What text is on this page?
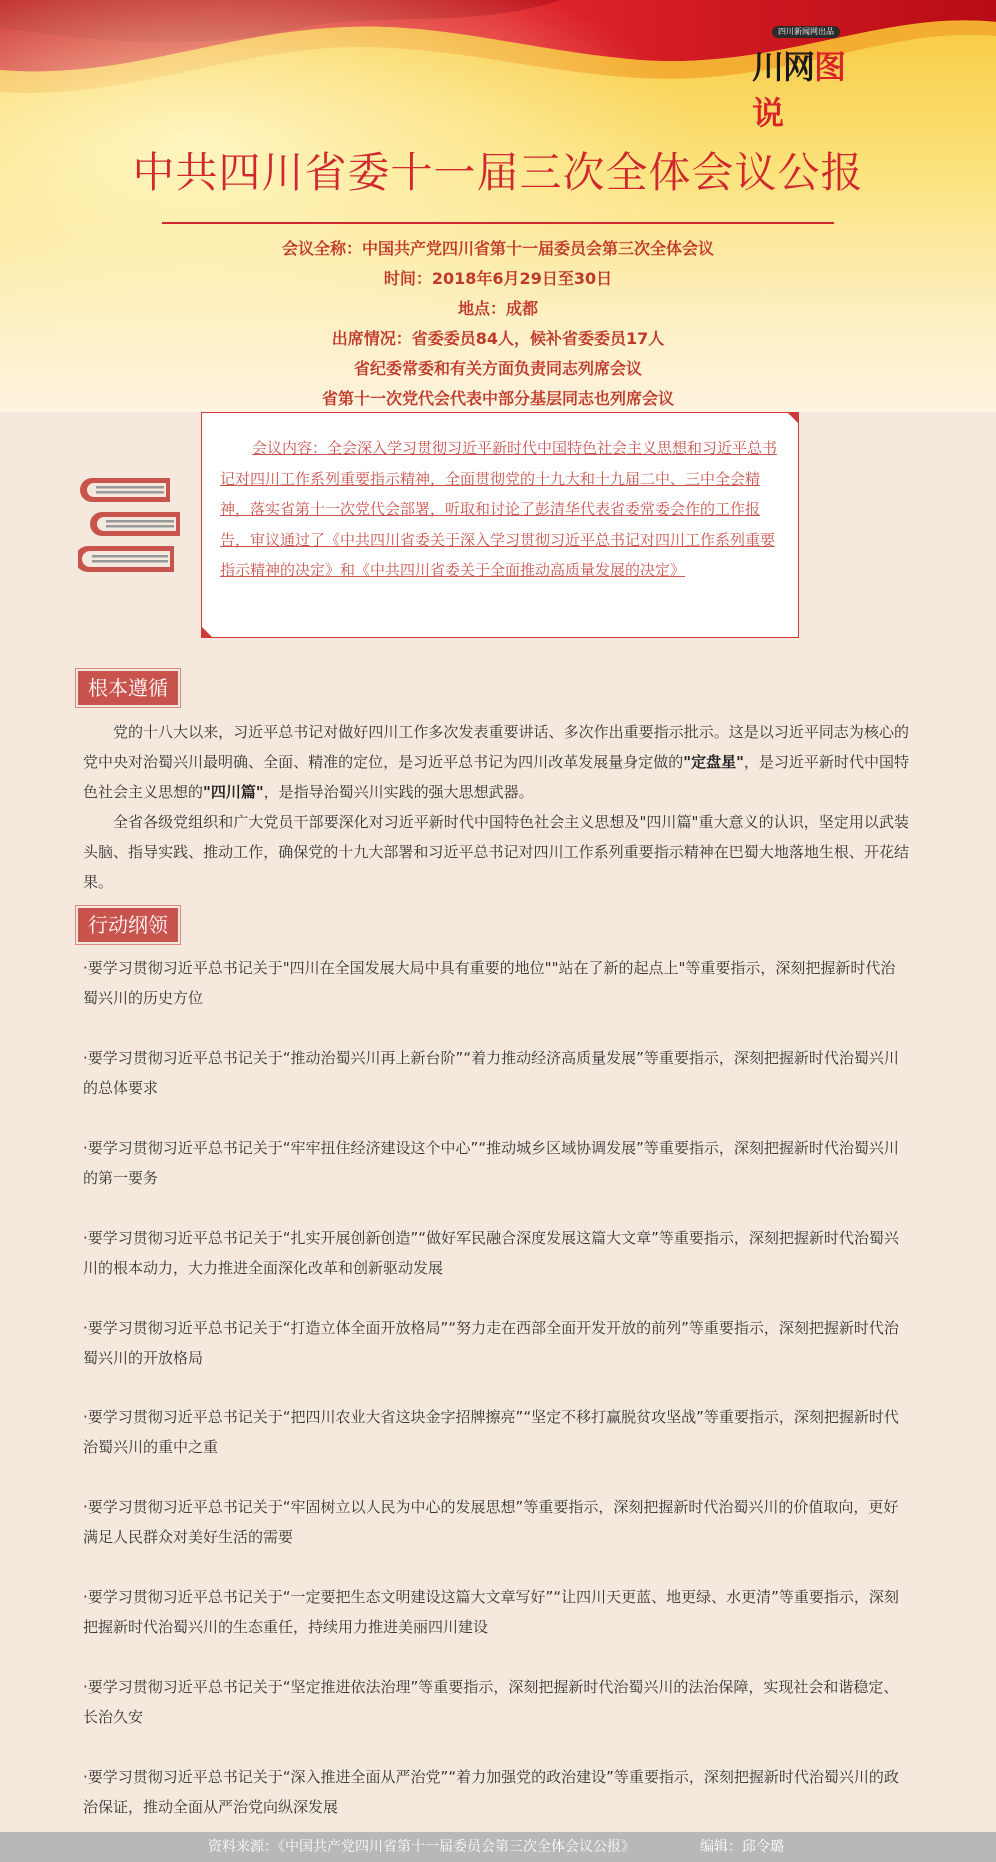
四川新闻网出品
川网图说
中共四川省委十一届三次全体会议公报
会议全称：中国共产党四川省第十一届委员会第三次全体会议
时间：2018年6月29日至30日
地点：成都
出席情况：省委委员84人，候补省委委员17人
省纪委常委和有关方面负责同志列席会议
省第十一次党代会代表中部分基层同志也列席会议
会议内容：全会深入学习贯彻习近平新时代中国特色社会主义思想和习近平总书记对四川工作系列重要指示精神，全面贯彻党的十九大和十九届二中、三中全会精神，落实省第十一次党代会部署，听取和讨论了彭清华代表省委常委会作的工作报告，审议通过了《中共四川省委关于深入学习贯彻习近平总书记对四川工作系列重要指示精神的决定》和《中共四川省委关于全面推动高质量发展的决定》
根本遵循
党的十八大以来，习近平总书记对做好四川工作多次发表重要讲话、多次作出重要指示批示。这是以习近平同志为核心的党中央对治蜀兴川最明确、全面、精准的定位，是习近平总书记为四川改革发展量身定做的"定盘星"，是习近平新时代中国特色社会主义思想的"四川篇"，是指导治蜀兴川实践的强大思想武器。
全省各级党组织和广大党员干部要深化对习近平新时代中国特色社会主义思想及"四川篇"重大意义的认识，坚定用以武装头脑、指导实践、推动工作，确保党的十九大部署和习近平总书记对四川工作系列重要指示精神在巴蜀大地落地生根、开花结果。
行动纲领
·要学习贯彻习近平总书记关于"四川在全国发展大局中具有重要的地位""站在了新的起点上"等重要指示，深刻把握新时代治蜀兴川的历史方位
·要学习贯彻习近平总书记关于“推动治蜀兴川再上新台阶”“着力推动经济高质量发展”等重要指示，深刻把握新时代治蜀兴川的总体要求
·要学习贯彻习近平总书记关于“牢牢扭住经济建设这个中心”“推动城乡区域协调发展”等重要指示，深刻把握新时代治蜀兴川的第一要务
·要学习贯彻习近平总书记关于“扎实开展创新创造”“做好军民融合深度发展这篇大文章”等重要指示，深刻把握新时代治蜀兴川的根本动力，大力推进全面深化改革和创新驱动发展
·要学习贯彻习近平总书记关于“打造立体全面开放格局”“努力走在西部全面开发开放的前列”等重要指示，深刻把握新时代治蜀兴川的开放格局
·要学习贯彻习近平总书记关于“把四川农业大省这块金字招牌擦亮”“坚定不移打赢脱贫攻坚战”等重要指示，深刻把握新时代治蜀兴川的重中之重
·要学习贯彻习近平总书记关于“牢固树立以人民为中心的发展思想”等重要指示，深刻把握新时代治蜀兴川的价值取向，更好满足人民群众对美好生活的需要
·要学习贯彻习近平总书记关于“一定要把生态文明建设这篇大文章写好”“让四川天更蓝、地更绿、水更清”等重要指示，深刻把握新时代治蜀兴川的生态重任，持续用力推进美丽四川建设
·要学习贯彻习近平总书记关于“坚定推进依法治理”等重要指示，深刻把握新时代治蜀兴川的法治保障，实现社会和谐稳定、长治久安
·要学习贯彻习近平总书记关于“深入推进全面从严治党”“着力加强党的政治建设”等重要指示，深刻把握新时代治蜀兴川的政治保证，推动全面从严治党向纵深发展
资料来源：《中国共产党四川省第十一届委员会第三次全体会议公报》	编辑：邱令璐
